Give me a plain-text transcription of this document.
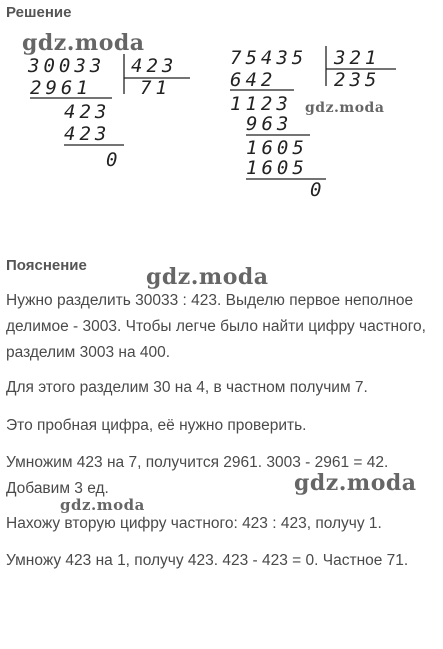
Решение
30033 423
2961	71
423
423
0
75435 321
642	235
1123
963
1605
1605
0
gdz.moda
gdz.moda
gdz.moda
gdz.moda
gdz.moda
Пояснение
Нужно разделить 30033 : 423. Выделю первое неполное делимое - 3003. Чтобы легче было найти цифру частного, разделим 3003 на 400.
Для этого разделим 30 на 4, в частном получим 7.
Это пробная цифра, её нужно проверить.
Умножим 423 на 7, получится 2961. 3003 - 2961 = 42. Добавим 3 ед.
Нахожу вторую цифру частного: 423 : 423, получу 1.
Умножу 423 на 1, получу 423. 423 - 423 = 0. Частное 71.
